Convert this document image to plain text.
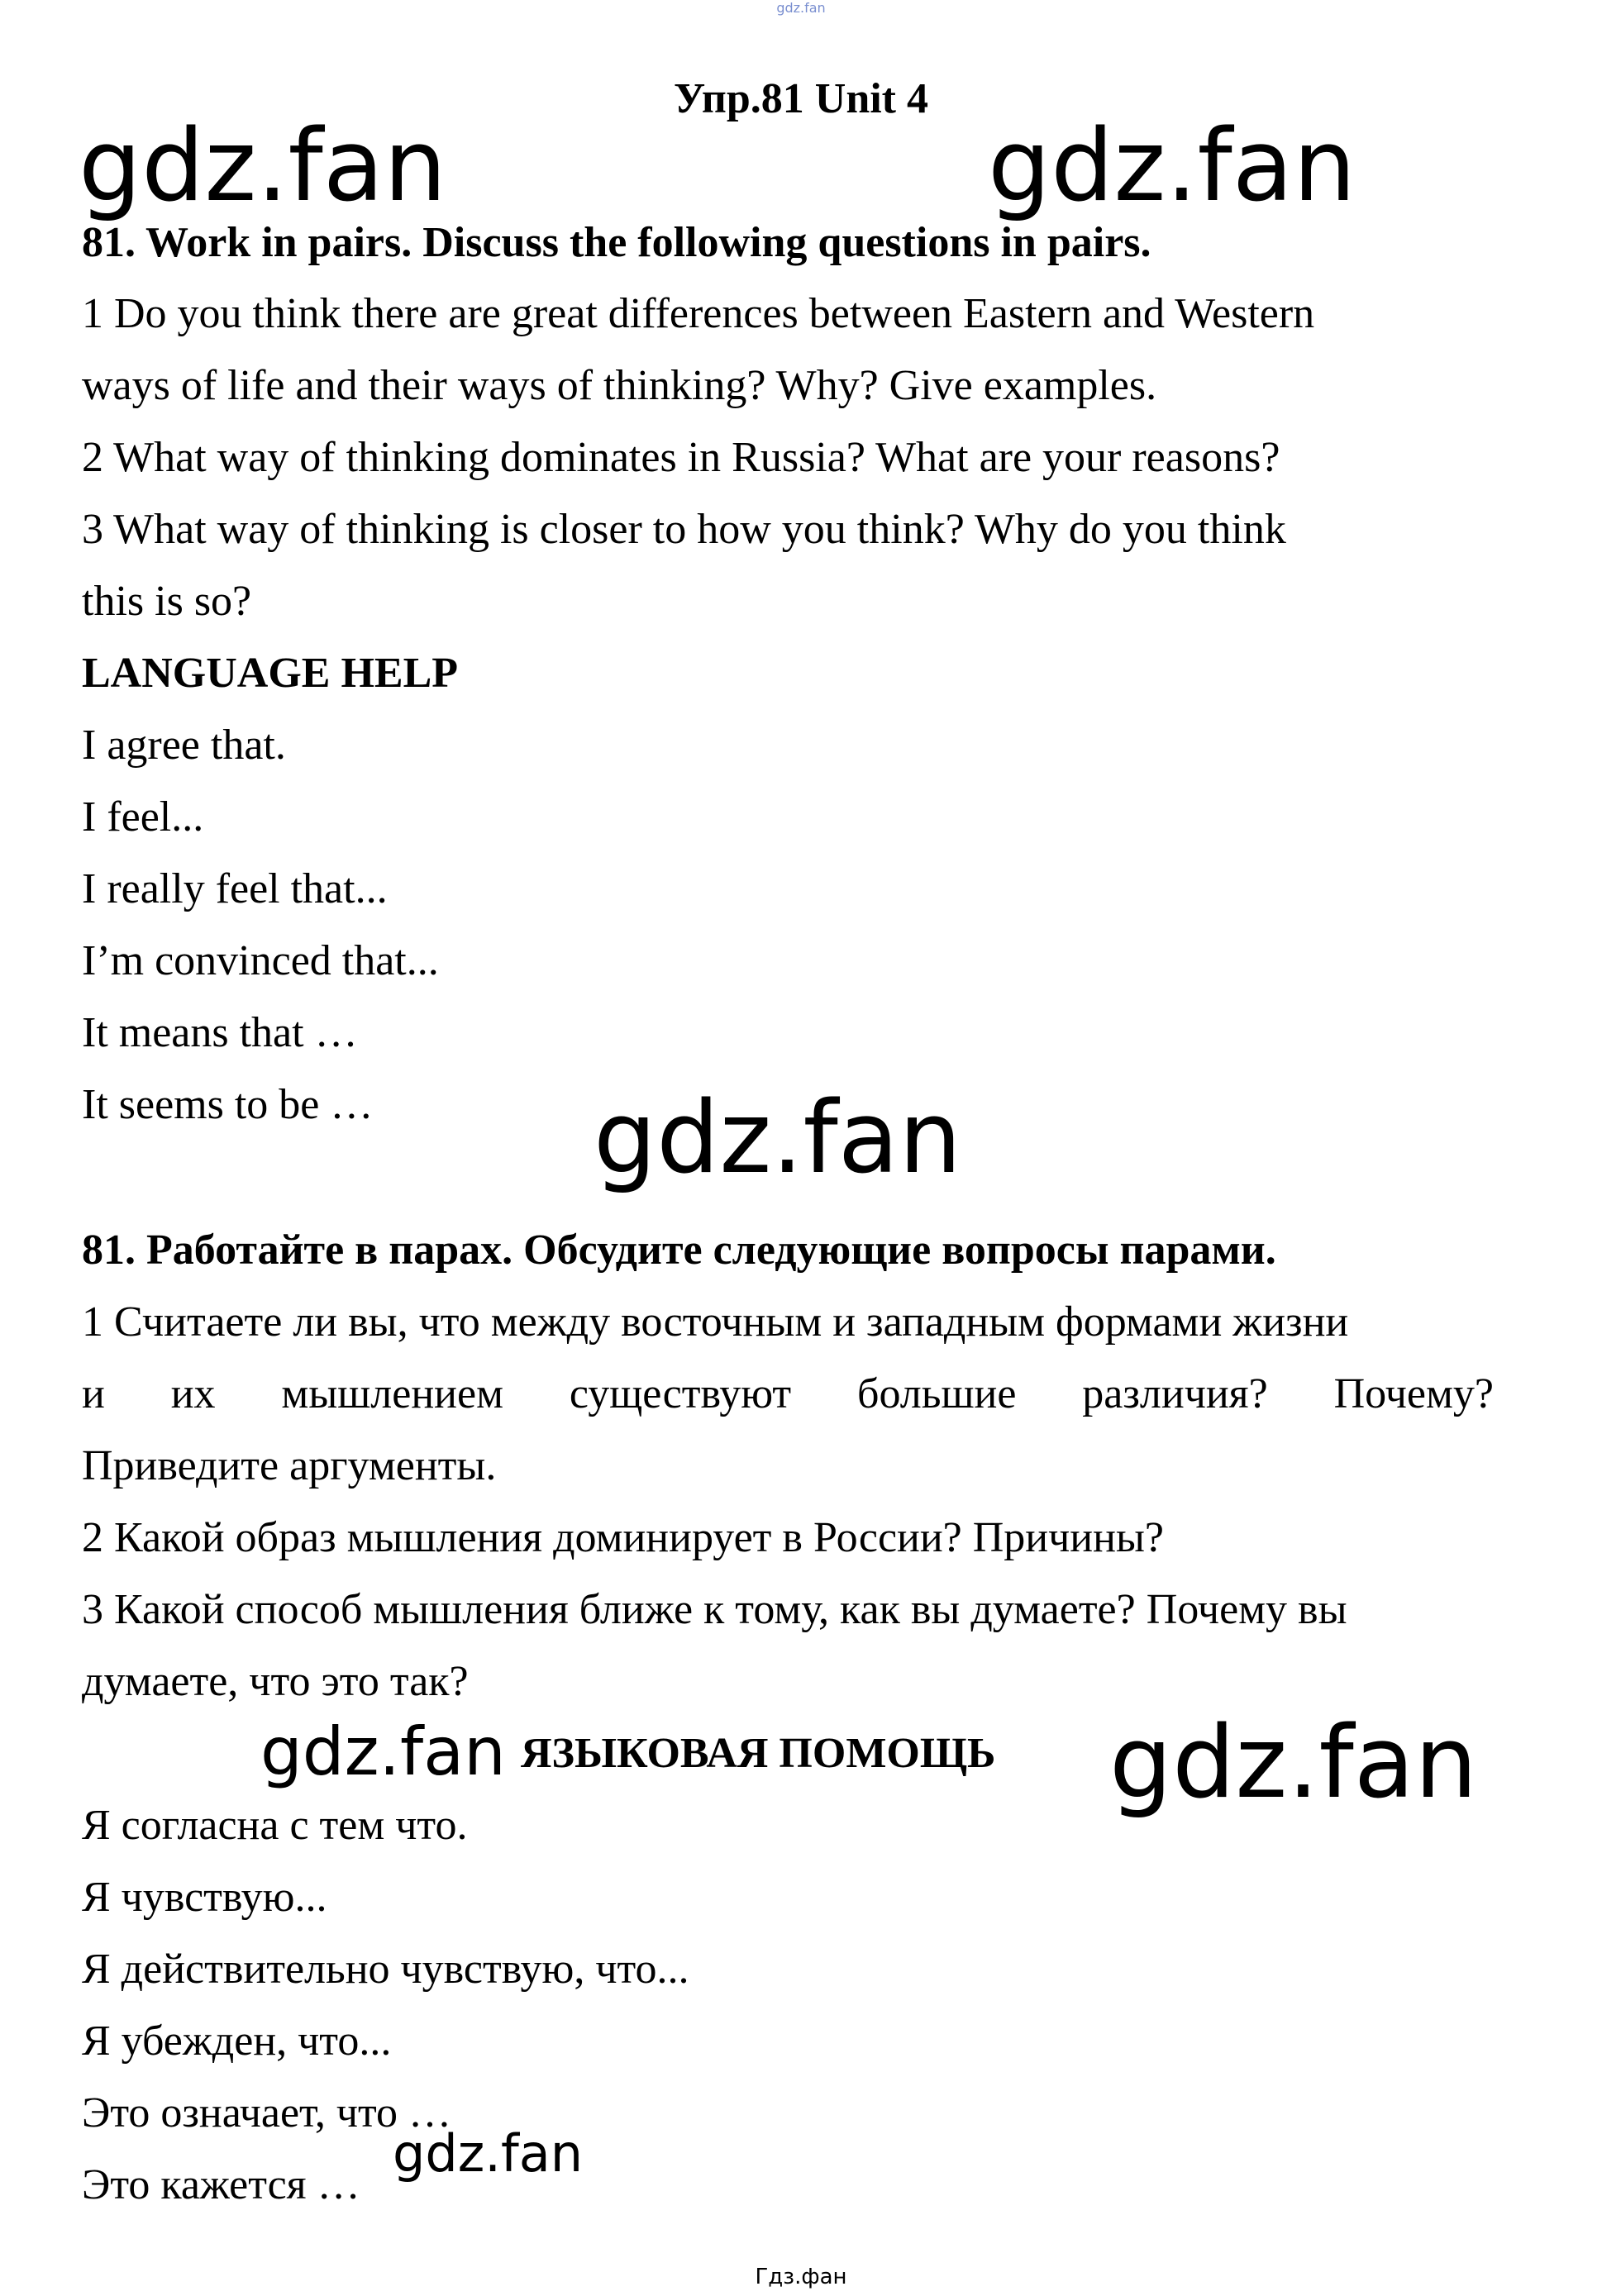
gdz.fan
Упр.81 Unit 4
81. Work in pairs. Discuss the following questions in pairs.
1 Do you think there are great differences between Eastern and Western
ways of life and their ways of thinking? Why? Give examples.
2 What way of thinking dominates in Russia? What are your reasons?
3 What way of thinking is closer to how you think? Why do you think
this is so?
LANGUAGE HELP
I agree that.
I feel...
I really feel that...
I’m convinced that...
It means that …
It seems to be …
81. Работайте в парах. Обсудите следующие вопросы парами.
1 Считаете ли вы, что между восточным и западным формами жизни
и их мышлением существуют большие различия? Почему?
Приведите аргументы.
2 Какой образ мышления доминирует в России? Причины?
3 Какой способ мышления ближе к тому, как вы думаете? Почему вы
думаете, что это так?
ЯЗЫКОВАЯ ПОМОЩЬ
Я согласна с тем что.
Я чувствую...
Я действительно чувствую, что...
Я убежден, что...
Это означает, что …
Это кажется …
gdz.fan	gdz.fan
gdz.fan
gdz.fan	gdz.fan
gdz.fan
Гдз.фан
